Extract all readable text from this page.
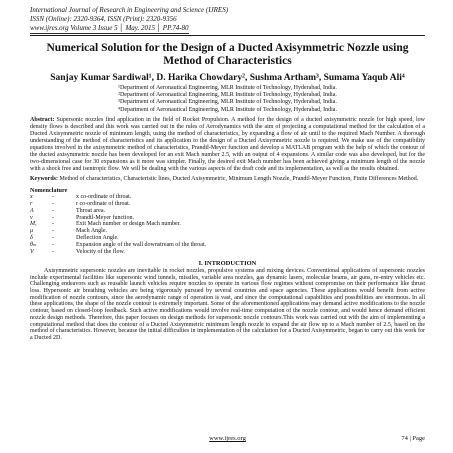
International Journal of Research in Engineering and Science (IJRES)
ISSN (Online): 2320-9364, ISSN (Print): 2320-9356
www.ijres.org Volume 3 Issue 5 │ May. 2015 │ PP.74-80
Numerical Solution for the Design of a Ducted Axisymmetric Nozzle using Method of Characteristics
Sanjay Kumar Sardiwal¹, D. Harika Chowdary², Sushma Artham³, Sumama Yaqub Ali⁴
¹Department of Aeronautical Engineering, MLR Institute of Technology, Hyderabad, India.
²Department of Aeronautical Engineering, MLR Institute of Technology, Hyderabad, India.
³Department of Aeronautical Engineering, MLR Institute of Technology, Hyderabad, India.
⁴Department of Aeronautical Engineering, MLR Institute of Technology, Hyderabad, India.
Abstract: Supersonic nozzles find application in the field of Rocket Propulsion. A method for the design of a ducted axisymmetric nozzle for high speed, low density flows is described and this work was carried out in the rules of Aerodynamics with the aim of projecting a computational method for the calculation of a Ducted Axisymmetric nozzle of minimum length, using the method of characteristics, by expanding a flow of air until to the required Mach Number. A thorough understanding of the method of characteristics and its application to the design of a Ducted Axisymmetric nozzle is required. We make use of the compatibility equations involved in the axisymmetric method of characteristics, Prandtl-Meyer function and develop a MATLAB program with the help of which the contour of the ducted axisymmetric nozzle has been developed for an exit Mach number 2.5, with an output of 4 expansions. A similar code was also developed, but for the two-dimensional case for 30 expansions as it more was simpler. Finally, the desired exit Mach number has been achieved giving a minimum length of the nozzle with a shock free and isentropic flow. We will be dealing with the various aspects of the draft code and its implementation, as well as the results obtained.
Keywords: Method of characteristics, Characteristic lines, Ducted Axisymmetric, Minimum Length Nozzle, Prandtl-Meyer Function, Finite Differences Method.
Nomenclature
x	-	x co-ordinate of throat.
r	-	r co-ordinate of throat.
A	-	Throat area.
ν	-	Prandtl-Meyer function.
Mₑ	-	Exit Mach number or design Mach number.
μ	-	Mach Angle.
δ	-	Deflection Angle.
θₘ	-	Expansion angle of the wall downstream of the throat.
V⃗	-	Velocity of the flow.
I. INTRODUCTION
Axisymmetric supersonic nozzles are inevitable in rocket nozzles, propulsive systems and mixing devices. Conventional applications of supersonic nozzles include experimental facilities like supersonic wind tunnels, missiles, variable area nozzles, gas dynamic lasers, molecular beams, air guns, re-entry vehicles etc. Challenging endeavors such as reusable launch vehicles require nozzles to operate in various flow regimes without compromise on their performance like thrust loss. Hypersonic air breathing vehicles are being vigorously pursued by several countries and space agencies. These applications would benefit from active modification of nozzle contours, since the aerodynamic range of operation is vast, and since the computational capabilities and possibilities are enormous. In all these applications, the shape of the nozzle contour is extremely important. Some of the aforementioned applications may demand active modifications to the nozzle contour, based on closed-loop feedback. Such active modifications would involve real-time computation of the nozzle contour, and would hence demand efficient nozzle design methods. Therefore, this paper focuses on design methods for supersonic nozzle contours.This work was carried out with the aim of implementing a computational method that does the contour of a Ducted Axisymmetric minimum length nozzle to expand the air flow up to a Mach number of 2.5, based on the method of characteristics. However, because the initial difficulties in implementation of the calculation for a Ducted Axisymmetric, began to carry out this work for a Ducted 2D.
www.ijres.org	74 | Page
